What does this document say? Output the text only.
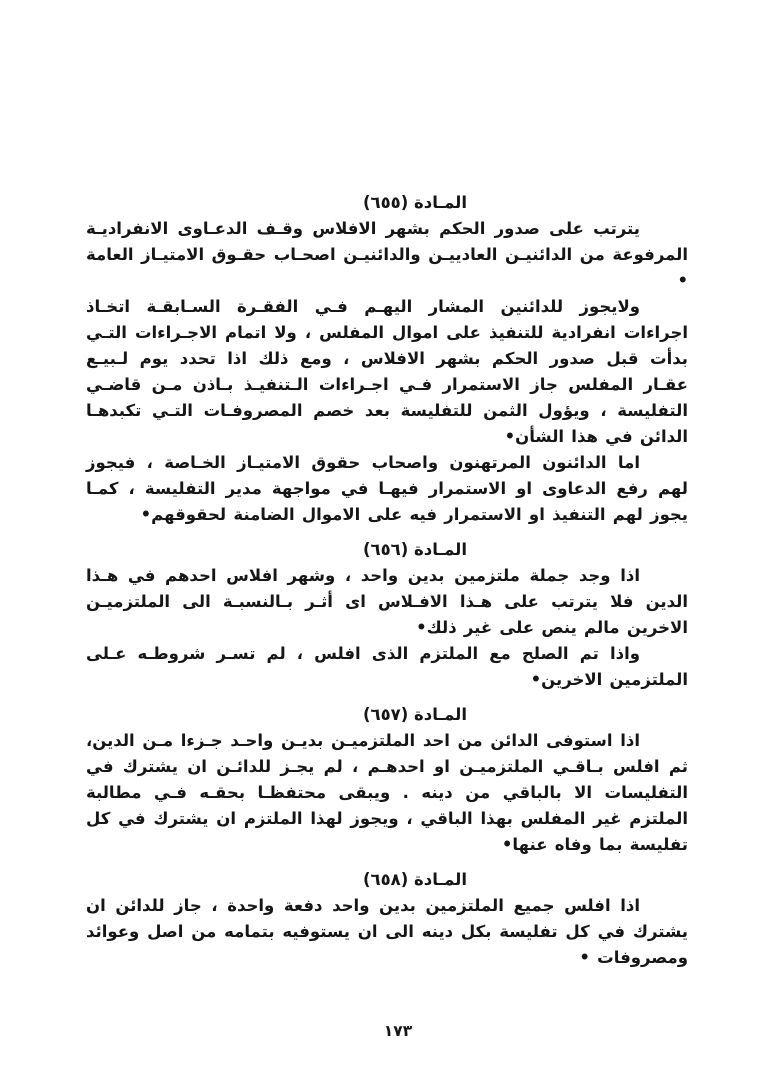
المـادة (٦٥٥)

يترتب على صدور الحكم بشهر الافلاس وقـف الدعـاوى الانفراديـة المرفوعة من الدائنيـن العادييـن والدائنيـن اصحـاب حقـوق الامتيـاز العامة •

ولايجوز للدائنين المشار اليهـم فـي الفقـرة السـابقـة اتخـاذ اجراءات انفرادية للتنفيذ على اموال المفلس ، ولا اتمام الاجـراءات التـي بدأت قبل صدور الحكم بشهر الافلاس ، ومع ذلك اذا تحدد يوم لـبيـع عقـار المفلس جاز الاستمرار فـي اجـراءات الـتنفيـذ بـاذن مـن قاضـي التفليسة ، ويؤول الثمن للتفليسة بعد خصم المصروفـات التـي تكبدهـا الدائن في هذا الشأن•

اما الدائنون المرتهنون واصحاب حقوق الامتيـاز الخـاصة ، فيجوز لهم رفع الدعاوى او الاستمرار فيهـا في مواجهة مدير التفليسة ، كمـا يجوز لهم التنفيذ او الاستمرار فيه على الاموال الضامنة لحقوقهم•

المـادة (٦٥٦)

اذا وجد جملة ملتزمين بدين واحد ، وشهر افلاس احدهم في هـذا الدين فلا يترتب على هـذا الافـلاس اى أثـر بـالنسبـة الى الملتزميـن الاخرين مالم ينص على غير ذلك•

واذا تم الصلح مع الملتزم الذى افلس ، لم تسـر شروطـه عـلى الملتزمين الاخرين•

المـادة (٦٥٧)

اذا استوفى الدائن من احد الملتزميـن بديـن واحـد جـزءا مـن الدين، ثم افلس بـاقـي الملتزميـن او احدهـم ، لم يجـز للدائـن ان يشترك في التفليسات الا بالباقي من دينه . ويبقى محتفظـا بحقـه فـي مطالبة الملتزم غير المفلس بهذا الباقي ، ويجوز لهذا الملتزم ان يشترك في كل تفليسة بما وفاه عنها•

المـادة (٦٥٨)

اذا افلس جميع الملتزمين بدين واحد دفعة واحدة ، جاز للدائن ان يشترك في كل تفليسة بكل دينه الى ان يستوفيه بتمامه من اصل وعوائد ومصروفات •

١٧٣
